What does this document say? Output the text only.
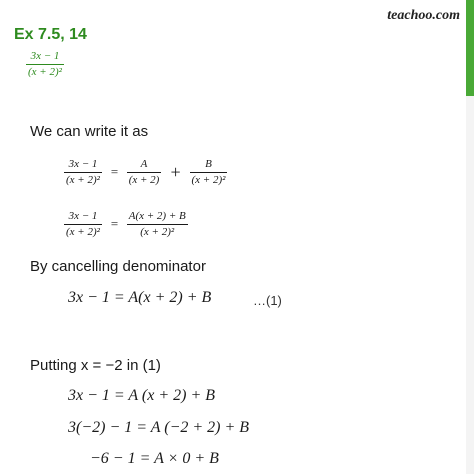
teachoo.com
Ex 7.5, 14
$\frac{3x - 1}{\text{(x + 2)²}}$
We can write it as
$\frac{3x - 1}{\text{(x + 2)²}} = \frac{A}{(x + 2)} + \frac{B}{\text{(x + 2)²}}$
$\frac{3x - 1}{\text{(x + 2)²}} = \frac{A(x + 2) + B}{\text{(x + 2)²}}$
By cancelling denominator
3x − 1 = A(x + 2) + B	…(1)
Putting x = −2 in (1)
3x − 1 = A (x + 2) + B
3(−2) − 1 = A (−2 + 2) + B
−6 − 1 = A × 0 + B
